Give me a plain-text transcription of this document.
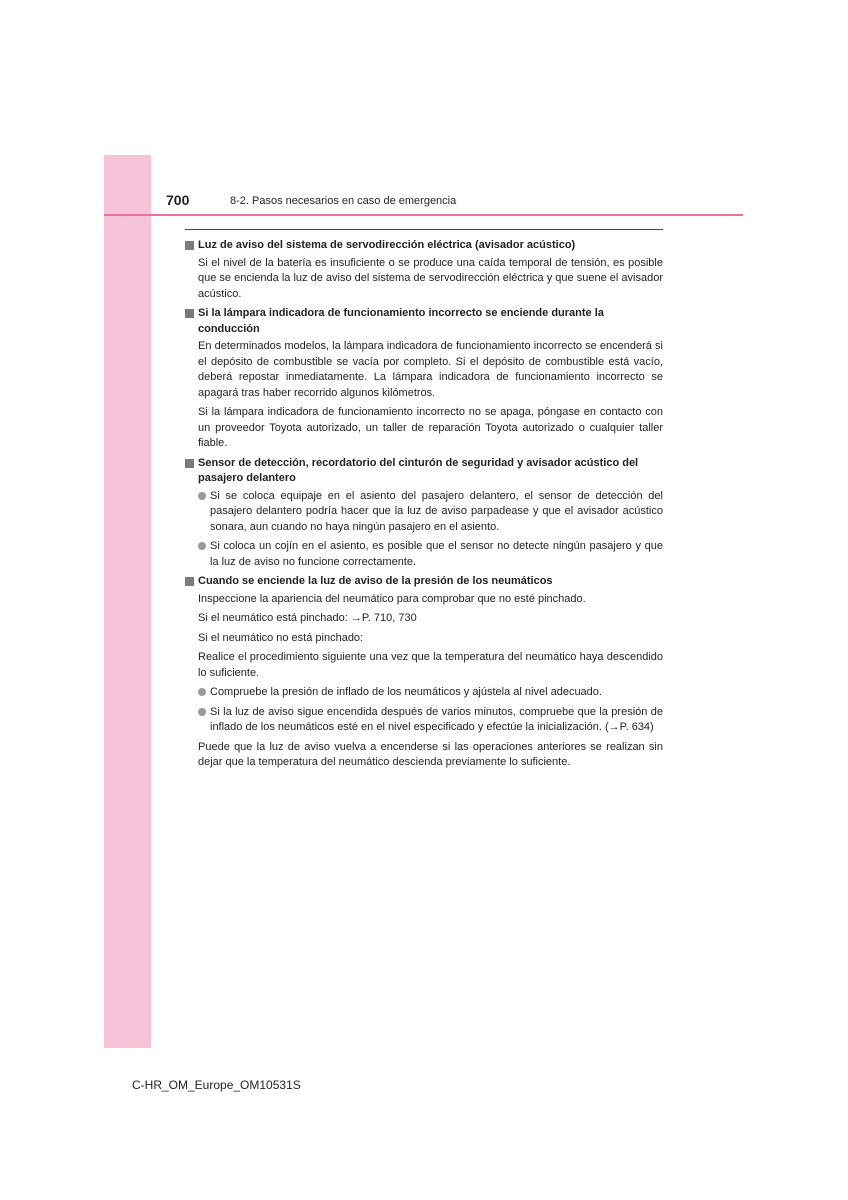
700	8-2. Pasos necesarios en caso de emergencia
Luz de aviso del sistema de servodirección eléctrica (avisador acústico)

Si el nivel de la batería es insuficiente o se produce una caída temporal de tensión, es posible que se encienda la luz de aviso del sistema de servodirección eléctrica y que suene el avisador acústico.

Si la lámpara indicadora de funcionamiento incorrecto se enciende durante la conducción

En determinados modelos, la lámpara indicadora de funcionamiento incorrecto se encenderá si el depósito de combustible se vacía por completo. Si el depósito de combustible está vacío, deberá repostar inmediatamente. La lámpara indicadora de funcionamiento incorrecto se apagará tras haber recorrido algunos kilómetros.

Si la lámpara indicadora de funcionamiento incorrecto no se apaga, póngase en contacto con un proveedor Toyota autorizado, un taller de reparación Toyota autorizado o cualquier taller fiable.

Sensor de detección, recordatorio del cinturón de seguridad y avisador acústico del pasajero delantero
Si se coloca equipaje en el asiento del pasajero delantero, el sensor de detección del pasajero delantero podría hacer que la luz de aviso parpadease y que el avisador acústico sonara, aun cuando no haya ningún pasajero en el asiento.
Si coloca un cojín en el asiento, es posible que el sensor no detecte ningún pasajero y que la luz de aviso no funcione correctamente.
Cuando se enciende la luz de aviso de la presión de los neumáticos

Inspeccione la apariencia del neumático para comprobar que no esté pinchado.

Si el neumático está pinchado: →P. 710, 730

Si el neumático no está pinchado:

Realice el procedimiento siguiente una vez que la temperatura del neumático haya descendido lo suficiente.

Compruebe la presión de inflado de los neumáticos y ajústela al nivel adecuado.
Si la luz de aviso sigue encendida después de varios minutos, compruebe que la presión de inflado de los neumáticos esté en el nivel especificado y efectúe la inicialización. (→P. 634)

Puede que la luz de aviso vuelva a encenderse si las operaciones anteriores se realizan sin dejar que la temperatura del neumático descienda previamente lo suficiente.

C-HR_OM_Europe_OM10531S
